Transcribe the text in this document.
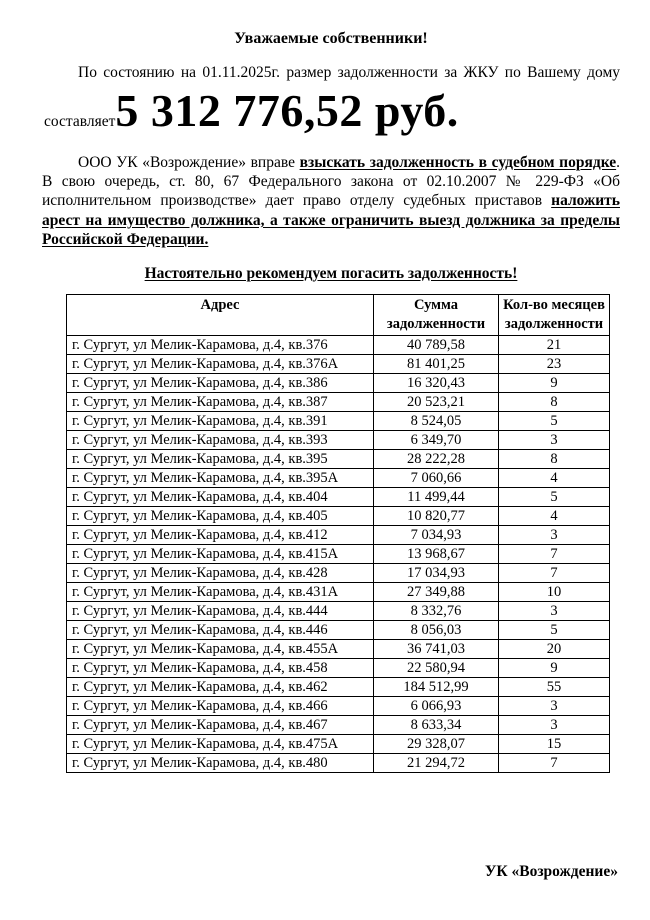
Уважаемые собственники!

По состоянию на 01.11.2025г. размер задолженности за ЖКУ по Вашему дому

составляет5 312 776,52 руб.

ООО УК «Возрождение» вправе взыскать задолженность в судебном порядке. В свою очередь, ст. 80, 67 Федерального закона от 02.10.2007 № 229-ФЗ «Об исполнительном производстве» дает право отделу судебных приставов наложить арест на имущество должника, а также ограничить выезд должника за пределы Российской Федерации.

Настоятельно рекомендуем погасить задолженность!

Адрес	Сумма задолженности	Кол-во месяцев задолженности
г. Сургут, ул Мелик-Карамова, д.4, кв.376	40 789,58	21
г. Сургут, ул Мелик-Карамова, д.4, кв.376А	81 401,25	23
г. Сургут, ул Мелик-Карамова, д.4, кв.386	16 320,43	9
г. Сургут, ул Мелик-Карамова, д.4, кв.387	20 523,21	8
г. Сургут, ул Мелик-Карамова, д.4, кв.391	8 524,05	5
г. Сургут, ул Мелик-Карамова, д.4, кв.393	6 349,70	3
г. Сургут, ул Мелик-Карамова, д.4, кв.395	28 222,28	8
г. Сургут, ул Мелик-Карамова, д.4, кв.395А	7 060,66	4
г. Сургут, ул Мелик-Карамова, д.4, кв.404	11 499,44	5
г. Сургут, ул Мелик-Карамова, д.4, кв.405	10 820,77	4
г. Сургут, ул Мелик-Карамова, д.4, кв.412	7 034,93	3
г. Сургут, ул Мелик-Карамова, д.4, кв.415А	13 968,67	7
г. Сургут, ул Мелик-Карамова, д.4, кв.428	17 034,93	7
г. Сургут, ул Мелик-Карамова, д.4, кв.431А	27 349,88	10
г. Сургут, ул Мелик-Карамова, д.4, кв.444	8 332,76	3
г. Сургут, ул Мелик-Карамова, д.4, кв.446	8 056,03	5
г. Сургут, ул Мелик-Карамова, д.4, кв.455А	36 741,03	20
г. Сургут, ул Мелик-Карамова, д.4, кв.458	22 580,94	9
г. Сургут, ул Мелик-Карамова, д.4, кв.462	184 512,99	55
г. Сургут, ул Мелик-Карамова, д.4, кв.466	6 066,93	3
г. Сургут, ул Мелик-Карамова, д.4, кв.467	8 633,34	3
г. Сургут, ул Мелик-Карамова, д.4, кв.475А	29 328,07	15
г. Сургут, ул Мелик-Карамова, д.4, кв.480	21 294,72	7
УК «Возрождение»
